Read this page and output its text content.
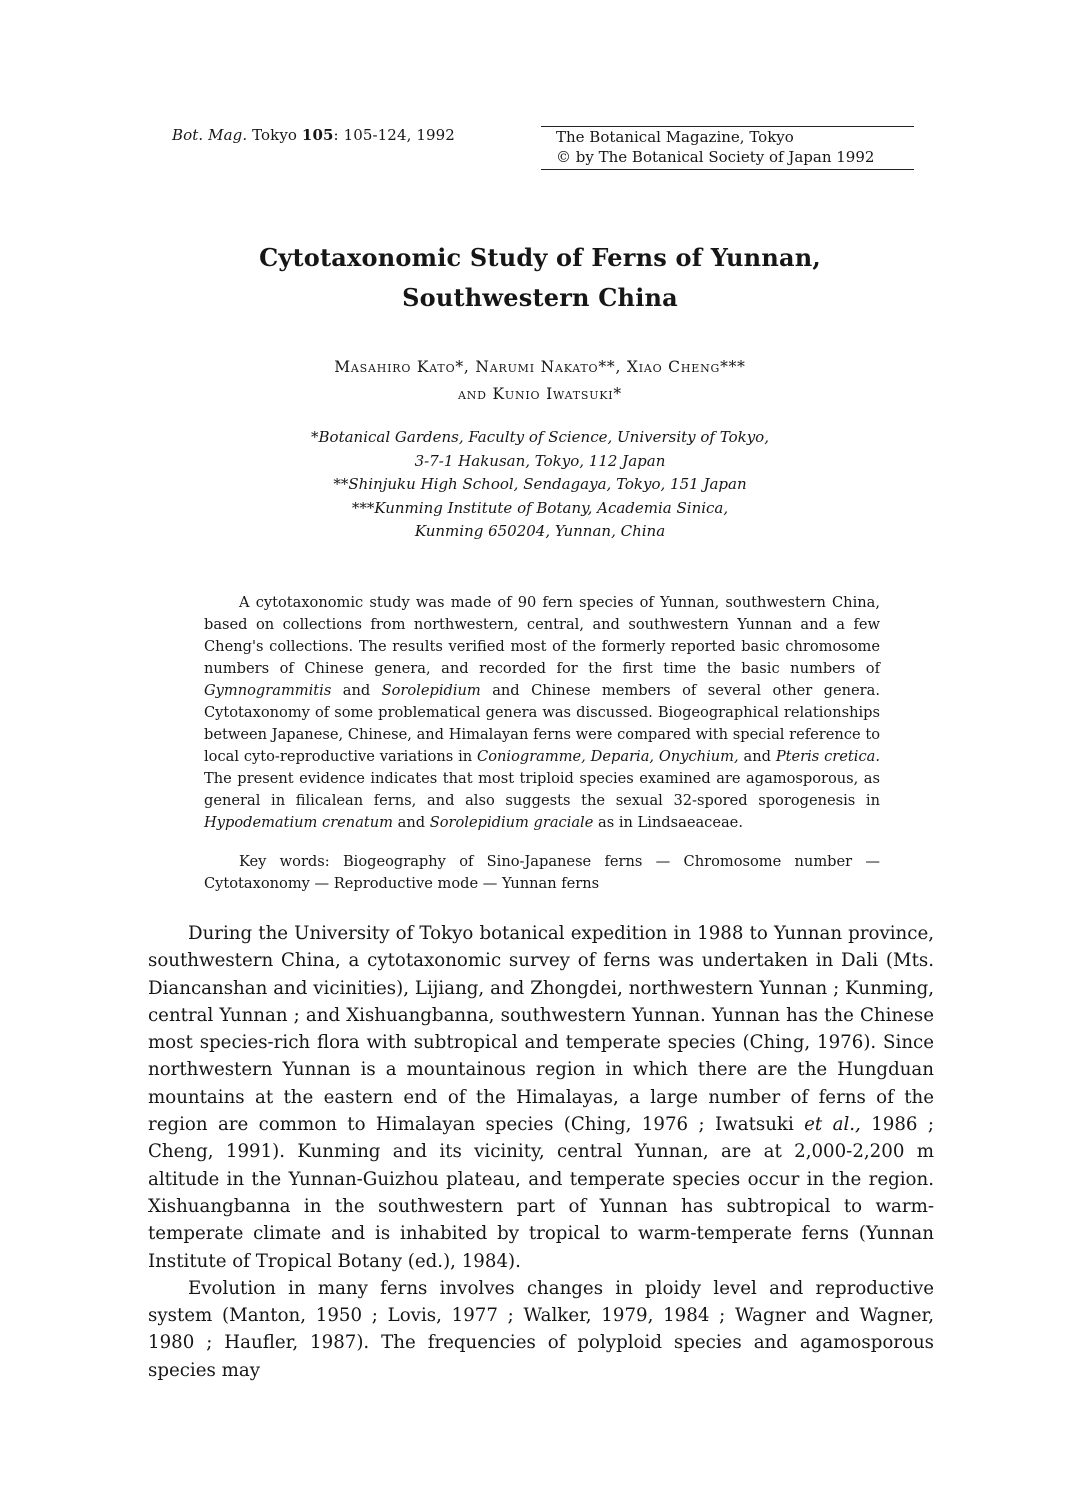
Bot. Mag. Tokyo 105: 105-124, 1992	The Botanical Magazine, Tokyo
© by The Botanical Society of Japan 1992
Cytotaxonomic Study of Ferns of Yunnan,
Southwestern China
Masahiro Kato*, Narumi Nakato**, Xiao Cheng***
and Kunio Iwatsuki*
*Botanical Gardens, Faculty of Science, University of Tokyo,
3-7-1 Hakusan, Tokyo, 112 Japan
**Shinjuku High School, Sendagaya, Tokyo, 151 Japan
***Kunming Institute of Botany, Academia Sinica,
Kunming 650204, Yunnan, China

A cytotaxonomic study was made of 90 fern species of Yunnan, southwestern China, based on collections from northwestern, central, and southwestern Yunnan and a few Cheng's collections. The results verified most of the formerly reported basic chromosome numbers of Chinese genera, and recorded for the first time the basic numbers of Gymnogrammitis and Sorolepidium and Chinese members of several other genera. Cytotaxonomy of some problematical genera was discussed. Biogeographical relationships between Japanese, Chinese, and Himalayan ferns were compared with special reference to local cyto-reproductive variations in Coniogramme, Deparia, Onychium, and Pteris cretica. The present evidence indicates that most triploid species examined are agamosporous, as general in filicalean ferns, and also suggests the sexual 32-spored sporogenesis in Hypodematium crenatum and Sorolepidium graciale as in Lindsaeaceae.

Key words: Biogeography of Sino-Japanese ferns — Chromosome number — Cytotaxonomy — Reproductive mode — Yunnan ferns

During the University of Tokyo botanical expedition in 1988 to Yunnan province, southwestern China, a cytotaxonomic survey of ferns was undertaken in Dali (Mts. Diancanshan and vicinities), Lijiang, and Zhongdei, northwestern Yunnan ; Kunming, central Yunnan ; and Xishuangbanna, southwestern Yunnan. Yunnan has the Chinese most species-rich flora with subtropical and temperate species (Ching, 1976). Since northwestern Yunnan is a mountainous region in which there are the Hungduan mountains at the eastern end of the Himalayas, a large number of ferns of the region are common to Himalayan species (Ching, 1976 ; Iwatsuki et al., 1986 ; Cheng, 1991). Kunming and its vicinity, central Yunnan, are at 2,000-2,200 m altitude in the Yunnan-Guizhou plateau, and temperate species occur in the region. Xishuangbanna in the southwestern part of Yunnan has subtropical to warm-temperate climate and is inhabited by tropical to warm-temperate ferns (Yunnan Institute of Tropical Botany (ed.), 1984).

Evolution in many ferns involves changes in ploidy level and reproductive system (Manton, 1950 ; Lovis, 1977 ; Walker, 1979, 1984 ; Wagner and Wagner, 1980 ; Haufler, 1987). The frequencies of polyploid species and agamosporous species may
